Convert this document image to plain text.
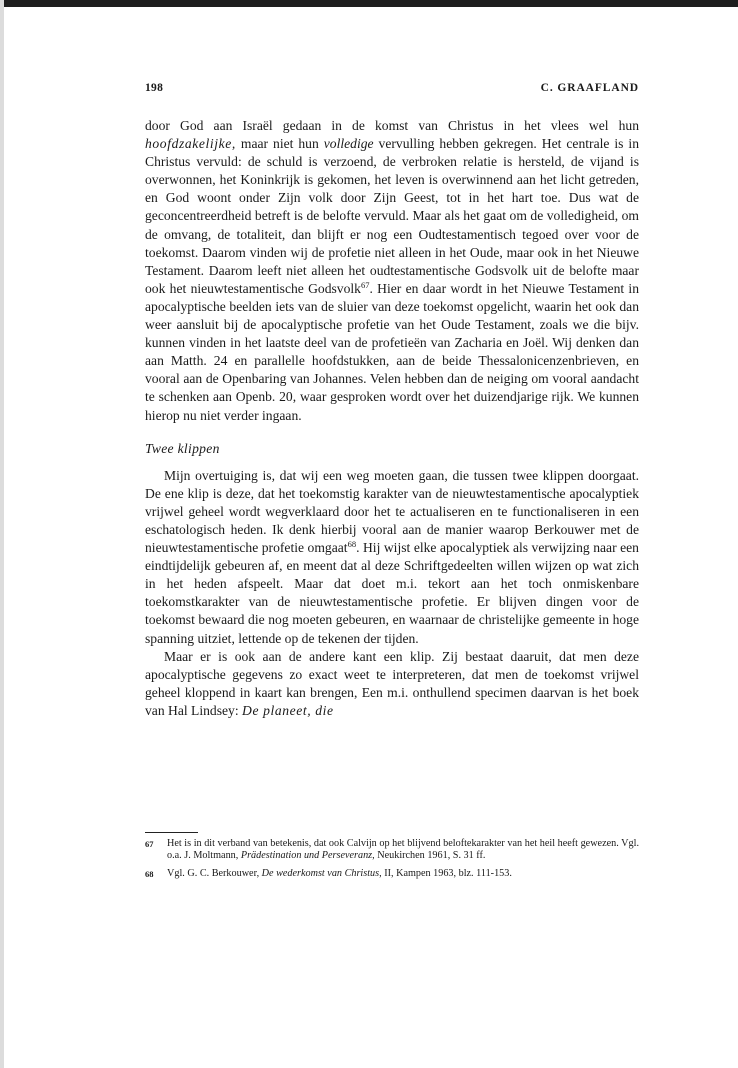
198	C. GRAAFLAND

door God aan Israël gedaan in de komst van Christus in het vlees wel hun hoofdzakelijke, maar niet hun volledige vervulling hebben gekregen. Het centrale is in Christus vervuld: de schuld is verzoend, de verbroken relatie is hersteld, de vijand is overwonnen, het Koninkrijk is gekomen, het leven is overwinnend aan het licht getreden, en God woont onder Zijn volk door Zijn Geest, tot in het hart toe. Dus wat de geconcentreerdheid betreft is de belofte vervuld. Maar als het gaat om de volledigheid, om de omvang, de totaliteit, dan blijft er nog een Oudtestamentisch tegoed over voor de toekomst. Daarom vinden wij de profetie niet alleen in het Oude, maar ook in het Nieuwe Testament. Daarom leeft niet alleen het oudtestamentische Godsvolk uit de belofte maar ook het nieuwtestamentische Godsvolk$^{67}$. Hier en daar wordt in het Nieuwe Testament in apocalyptische beelden iets van de sluier van deze toekomst opgelicht, waarin het ook dan weer aansluit bij de apocalyptische profetie van het Oude Testament, zoals we die bijv. kunnen vinden in het laatste deel van de profetieën van Zacharia en Joël. Wij denken dan aan Matth. 24 en parallelle hoofdstukken, aan de beide Thessalonicenzenbrieven, en vooral aan de Openbaring van Johannes. Velen hebben dan de neiging om vooral aandacht te schenken aan Openb. 20, waar gesproken wordt over het duizendjarige rijk. We kunnen hierop nu niet verder ingaan.

Twee klippen

Mijn overtuiging is, dat wij een weg moeten gaan, die tussen twee klippen doorgaat. De ene klip is deze, dat het toekomstig karakter van de nieuwtestamentische apocalyptiek vrijwel geheel wordt wegverklaard door het te actualiseren en te functionaliseren in een eschatologisch heden. Ik denk hierbij vooral aan de manier waarop Berkouwer met de nieuwtestamentische profetie omgaat$^{68}$. Hij wijst elke apocalyptiek als verwijzing naar een eindtijdelijk gebeuren af, en meent dat al deze Schriftgedeelten willen wijzen op wat zich in het heden afspeelt. Maar dat doet m.i. tekort aan het toch onmiskenbare toekomstkarakter van de nieuwtestamentische profetie. Er blijven dingen voor de toekomst bewaard die nog moeten gebeuren, en waarnaar de christelijke gemeente in hoge spanning uitziet, lettende op de tekenen der tijden.

Maar er is ook aan de andere kant een klip. Zij bestaat daaruit, dat men deze apocalyptische gegevens zo exact weet te interpreteren, dat men de toekomst vrijwel geheel kloppend in kaart kan brengen, Een m.i. onthullend specimen daarvan is het boek van Hal Lindsey: De planeet, die

67 Het is in dit verband van betekenis, dat ook Calvijn op het blijvend beloftekarakter van het heil heeft gewezen. Vgl. o.a. J. Moltmann, Prädestination und Perseveranz, Neukirchen 1961, S. 31 ff.
68 Vgl. G. C. Berkouwer, De wederkomst van Christus, II, Kampen 1963, blz. 111-153.
